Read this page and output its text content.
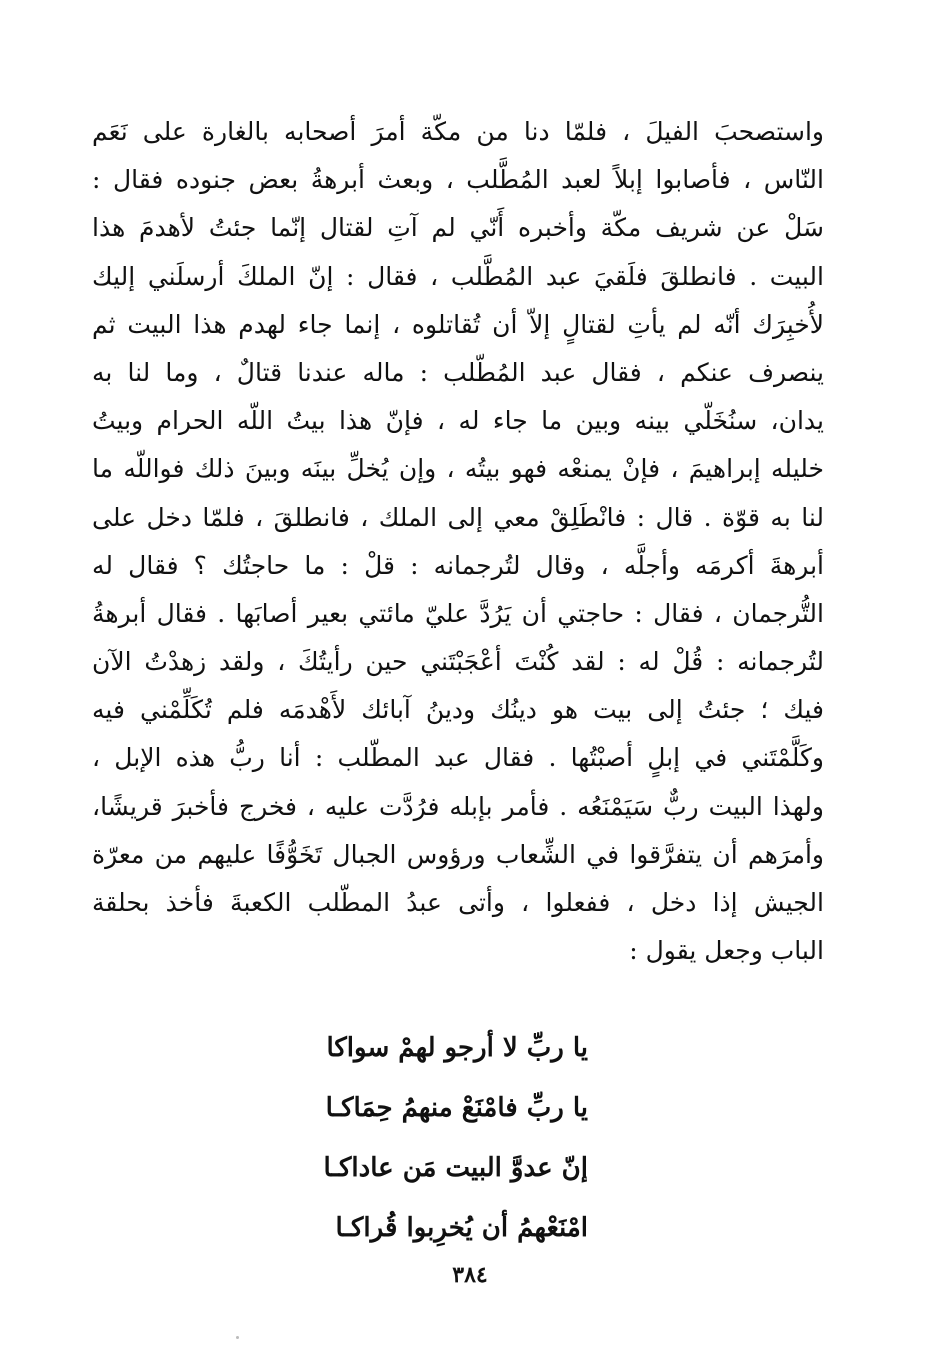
واستصحبَ الفيلَ ، فلمّا دنا من مكّة أمرَ أصحابه بالغارة على نَعَم
النّاس ، فأصابوا إبلاً لعبد المُطَّلب ، وبعث أبرهةُ بعض جنوده فقال :
سَلْ عن شريف مكّة وأخبره أَنّي لم آتِ لقتال إنّما جئتُ لأهدمَ هذا
البيت . فانطلقَ فلَقيَ عبد المُطَّلب ، فقال : إنّ الملكَ أرسلَني إليك
لأُخبِرَك أنّه لم يأتِ لقتالٍ إلاّ أن تُقاتلوه ، إنما جاء لهدم هذا البيت ثم
ينصرف عنكم ، فقال عبد المُطّلب : ماله عندنا قتالٌ ، وما لنا به
يدان، سنُخَلّي بينه وبين ما جاء له ، فإنّ هذا بيتُ اللّه الحرام وبيتُ
خليله إبراهيمَ ، فإنْ يمنعْه فهو بيتُه ، وإن يُخلِّ بينَه وبينَ ذلك فواللّه ما
لنا به قوّة . قال : فانْطَلِقْ معي إلى الملك ، فانطلقَ ، فلمّا دخل على
أبرهةَ أكرمَه وأجلَّه ، وقال لتُرجمانه : قلْ : ما حاجتُك ؟ فقال له
التُّرجمان ، فقال : حاجتي أن يَرُدَّ عليّ مائتي بعير أصابَها . فقال أبرهةُ
لتُرجمانه : قُلْ له : لقد كُنْتَ أعْجَبْتَني حين رأيتُكَ ، ولقد زهدْتُ الآن
فيك ؛ جئتُ إلى بيت هو دينُك ودينُ آبائك لأَهْدمَه فلم تُكَلِّمْني فيه
وكَلَّمْتَني في إبلٍ أصبْتُها . فقال عبد المطّلب : أنا ربُّ هذه الإبل ،
ولهذا البيت ربٌّ سَيَمْنَعُه . فأمر بإبله فرُدَّت عليه ، فخرج فأخبرَ قريشًا،
وأمرَهم أن يتفرَّقوا في الشِّعاب ورؤوس الجبال تَخَوُّفًا عليهم من معرّة
الجيش إذا دخل ، ففعلوا ، وأتى عبدُ المطّلب الكعبةَ فأخذ بحلقة
الباب وجعل يقول :
يا ربِّ لا أرجو لهمْ سواكا
يا ربِّ فامْنَعْ منهمُ حِمَاكـا
إنّ عدوَّ البيت مَن عاداكـا
امْنَعْهمُ أن يُخرِبوا قُراكـا
٣٨٤
